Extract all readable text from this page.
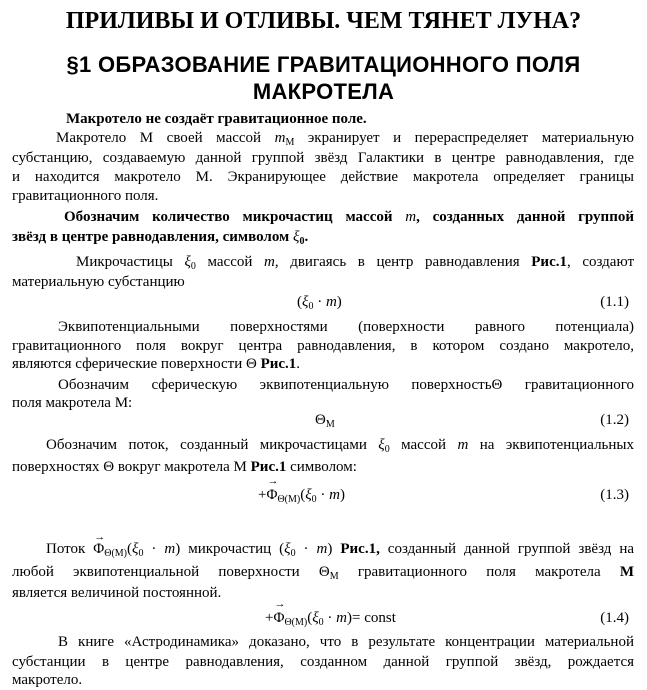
ПРИЛИВЫ И ОТЛИВЫ. ЧЕМ ТЯНЕТ ЛУНА?
§1 ОБРАЗОВАНИЕ ГРАВИТАЦИОННОГО ПОЛЯ
МАКРОТЕЛА
Макротело не создаёт гравитационное поле.
Макротело М своей массой $m_М$ экранирует и перераспределяет материальную
субстанцию, создаваемую данной группой звёзд Галактики в центре равнодавления, где
и находится макротело М. Экранирующее действие макротела определяет границы
гравитационного поля.
Обозначим количество микрочастиц массой m, созданных данной группой
звёзд в центре равнодавления, символом $\xi_0$.
Микрочастицы $\xi_0$ массой m, двигаясь в центр равнодавления Рис.1, создают
материальную субстанцию
$(\xi_0 \cdot m)$	(1.1)
Эквипотенциальными поверхностями (поверхности равного потенциала)
гравитационного поля вокруг центра равнодавления, в котором создано макротело,
являются сферические поверхности Θ Рис.1.
Обозначим сферическую эквипотенциальную поверхностьΘ гравитационного
поля макротела М:
$\Theta_М$	(1.2)
Обозначим поток, созданный микрочастицами $\xi_0$ массой m на эквипотенциальных
поверхностях Θ вокруг макротела М Рис.1 символом:
+→ $\Phi_{\Theta(М)}(\xi_0 \cdot m)$	(1.3)
Поток → $\Phi_{\Theta(М)}(\xi_0 \cdot m)$ микрочастиц $(\xi_0 \cdot m)$ Рис.1, созданный данной группой звёзд на
любой эквипотенциальной поверхности $\Theta_М$ гравитационного поля макротела М
является величиной постоянной.
+→ $\Phi_{\Theta(М)}(\xi_0 \cdot m)=$ const	(1.4)
В книге «Астродинамика» доказано, что в результате концентрации материальной
субстанции в центре равнодавления, созданном данной группой звёзд, рождается
макротело.
